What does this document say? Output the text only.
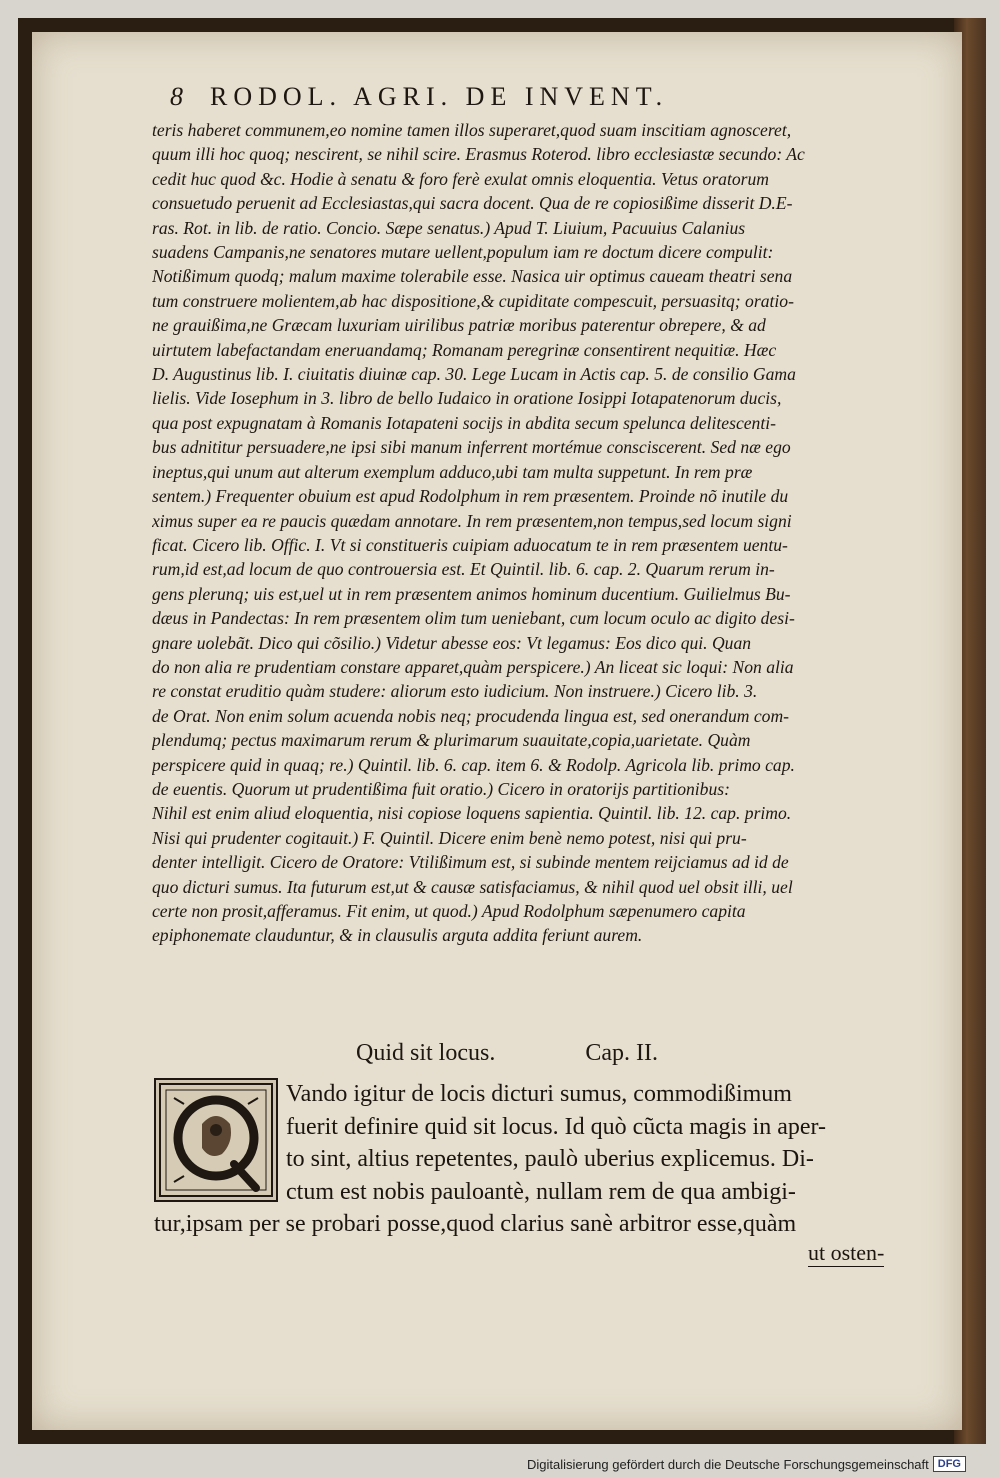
8	RODOL. AGRI. DE INVENT.
teris haberet communem,eo nomine tamen illos superaret,quod suam inscitiam agnosceret,
quum illi hoc quoq; nescirent, se nihil scire. Erasmus Roterod. libro ecclesiastæ secundo: Ac
cedit huc quod &c. Hodie à senatu & foro ferè exulat omnis eloquentia. Vetus oratorum
consuetudo peruenit ad Ecclesiastas,qui sacra docent. Qua de re copiosißime disserit D.E-
ras. Rot. in lib. de ratio. Concio. Sæpe senatus.) Apud T. Liuium, Pacuuius Calanius
suadens Campanis,ne senatores mutare uellent,populum iam re doctum dicere compulit:
Notißimum quodq; malum maxime tolerabile esse. Nasica uir optimus caueam theatri sena
tum construere molientem,ab hac dispositione,& cupiditate compescuit, persuasitq; oratio-
ne grauißima,ne Græcam luxuriam uirilibus patriæ moribus paterentur obrepere, & ad
uirtutem labefactandam eneruandamq; Romanam peregrinæ consentirent nequitiæ. Hæc
D. Augustinus lib. I. ciuitatis diuinæ cap. 30. Lege Lucam in Actis cap. 5. de consilio Gama
lielis. Vide Iosephum in 3. libro de bello Iudaico in oratione Iosippi Iotapatenorum ducis,
qua post expugnatam à Romanis Iotapateni socijs in abdita secum spelunca delitescenti-
bus adnititur persuadere,ne ipsi sibi manum inferrent mortémue consciscerent. Sed næ ego
ineptus,qui unum aut alterum exemplum adduco,ubi tam multa suppetunt. In rem præ
sentem.) Frequenter obuium est apud Rodolphum in rem præsentem. Proinde nõ inutile du
ximus super ea re paucis quædam annotare. In rem præsentem,non tempus,sed locum signi
ficat. Cicero lib. Offic. I. Vt si constitueris cuipiam aduocatum te in rem præsentem uentu-
rum,id est,ad locum de quo controuersia est. Et Quintil. lib. 6. cap. 2. Quarum rerum in-
gens plerunq; uis est,uel ut in rem præsentem animos hominum ducentium. Guilielmus Bu-
dæus in Pandectas: In rem præsentem olim tum ueniebant, cum locum oculo ac digito desi-
gnare uolebãt. Dico qui cõsilio.) Videtur abesse eos: Vt legamus: Eos dico qui. Quan
do non alia re prudentiam constare apparet,quàm perspicere.) An liceat sic loqui: Non alia
re constat eruditio quàm studere: aliorum esto iudicium. Non instruere.) Cicero lib. 3.
de Orat. Non enim solum acuenda nobis neq; procudenda lingua est, sed onerandum com-
plendumq; pectus maximarum rerum & plurimarum suauitate,copia,uarietate. Quàm
perspicere quid in quaq; re.) Quintil. lib. 6. cap. item 6. & Rodolp. Agricola lib. primo cap.
de euentis. Quorum ut prudentißima fuit oratio.) Cicero in oratorijs partitionibus:
Nihil est enim aliud eloquentia, nisi copiose loquens sapientia. Quintil. lib. 12. cap. primo.
Nisi qui prudenter cogitauit.) F. Quintil. Dicere enim benè nemo potest, nisi qui pru-
denter intelligit. Cicero de Oratore: Vtilißimum est, si subinde mentem reijciamus ad id de
quo dicturi sumus. Ita futurum est,ut & causæ satisfaciamus, & nihil quod uel obsit illi, uel
certe non prosit,afferamus. Fit enim, ut quod.) Apud Rodolphum sæpenumero capita
epiphonemate clauduntur, & in clausulis arguta addita feriunt aurem.
Quid sit locus.	Cap. II.
Vando igitur de locis dicturi sumus, commodißimum
fuerit definire quid sit locus. Id quò cũcta magis in aper-
to sint, altius repetentes, paulò uberius explicemus. Di-
ctum est nobis pauloantè, nullam rem de qua ambigi-
tur,ipsam per se probari posse,quod clarius sanè arbitror esse,quàm
ut osten-
Digitalisierung gefördert durch die Deutsche Forschungsgemeinschaft DFG
